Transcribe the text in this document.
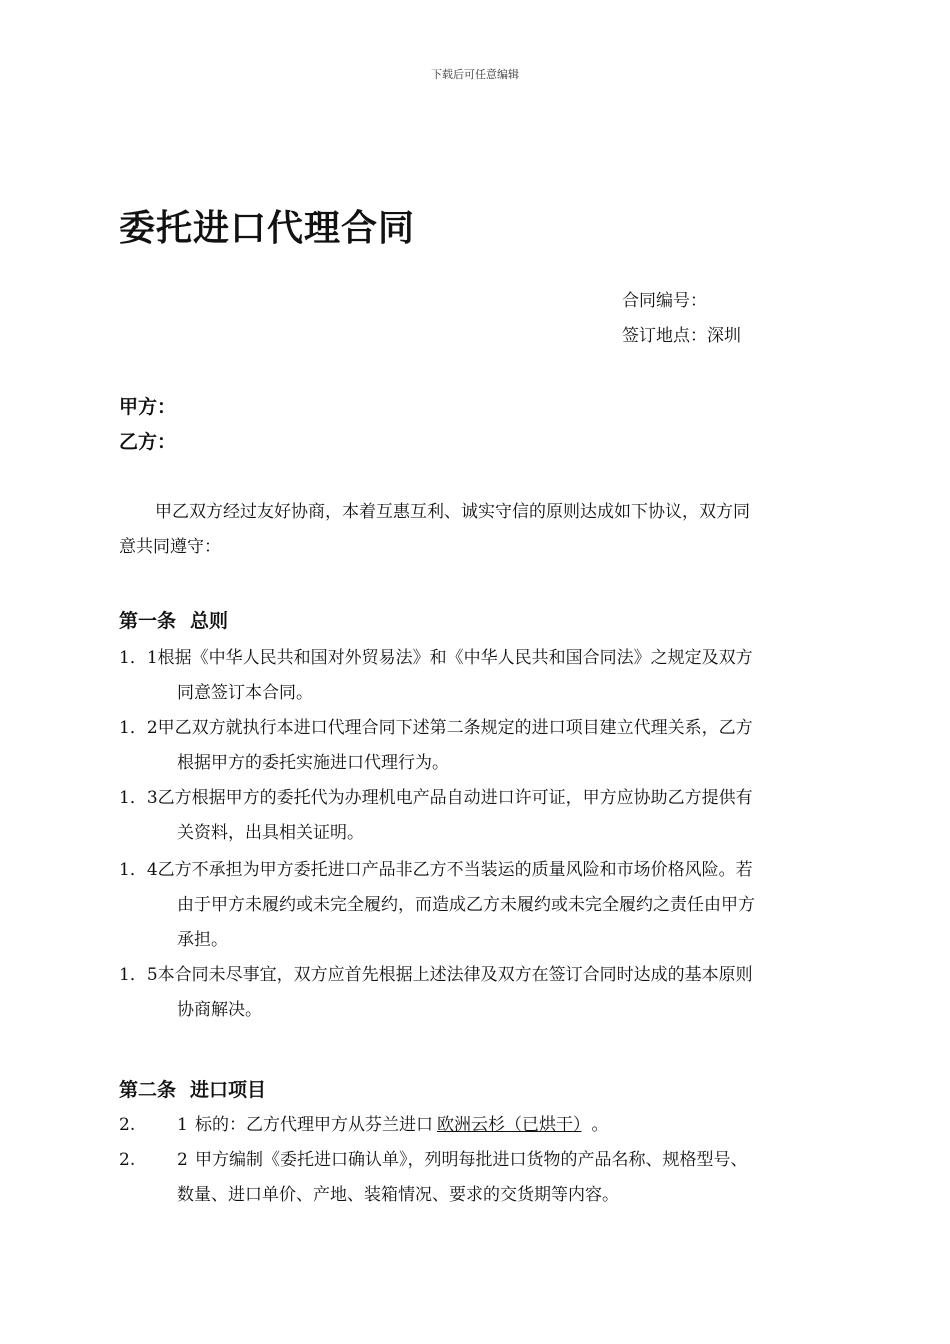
下载后可任意编辑
委托进口代理合同
合同编号：
签订地点：深圳
甲方：
乙方：

甲乙双方经过友好协商，本着互惠互利、诚实守信的原则达成如下协议，双方同
意共同遵守：

第一条 总则

1．1根据《中华人民共和国对外贸易法》和《中华人民共和国合同法》之规定及双方
同意签订本合同。

1．2甲乙双方就执行本进口代理合同下述第二条规定的进口项目建立代理关系，乙方
根据甲方的委托实施进口代理行为。

1．3乙方根据甲方的委托代为办理机电产品自动进口许可证，甲方应协助乙方提供有
关资料，出具相关证明。

1．4乙方不承担为甲方委托进口产品非乙方不当装运的质量风险和市场价格风险。若
由于甲方未履约或未完全履约，而造成乙方未履约或未完全履约之责任由甲方
承担。

1．5本合同未尽事宜，双方应首先根据上述法律及双方在签订合同时达成的基本原则
协商解决。

第二条 进口项目

2. 1 标的：乙方代理甲方从芬兰进口 欧洲云杉（已烘干） 。

2. 2 甲方编制《委托进口确认单》，列明每批进口货物的产品名称、规格型号、
数量、进口单价、产地、装箱情况、要求的交货期等内容。
